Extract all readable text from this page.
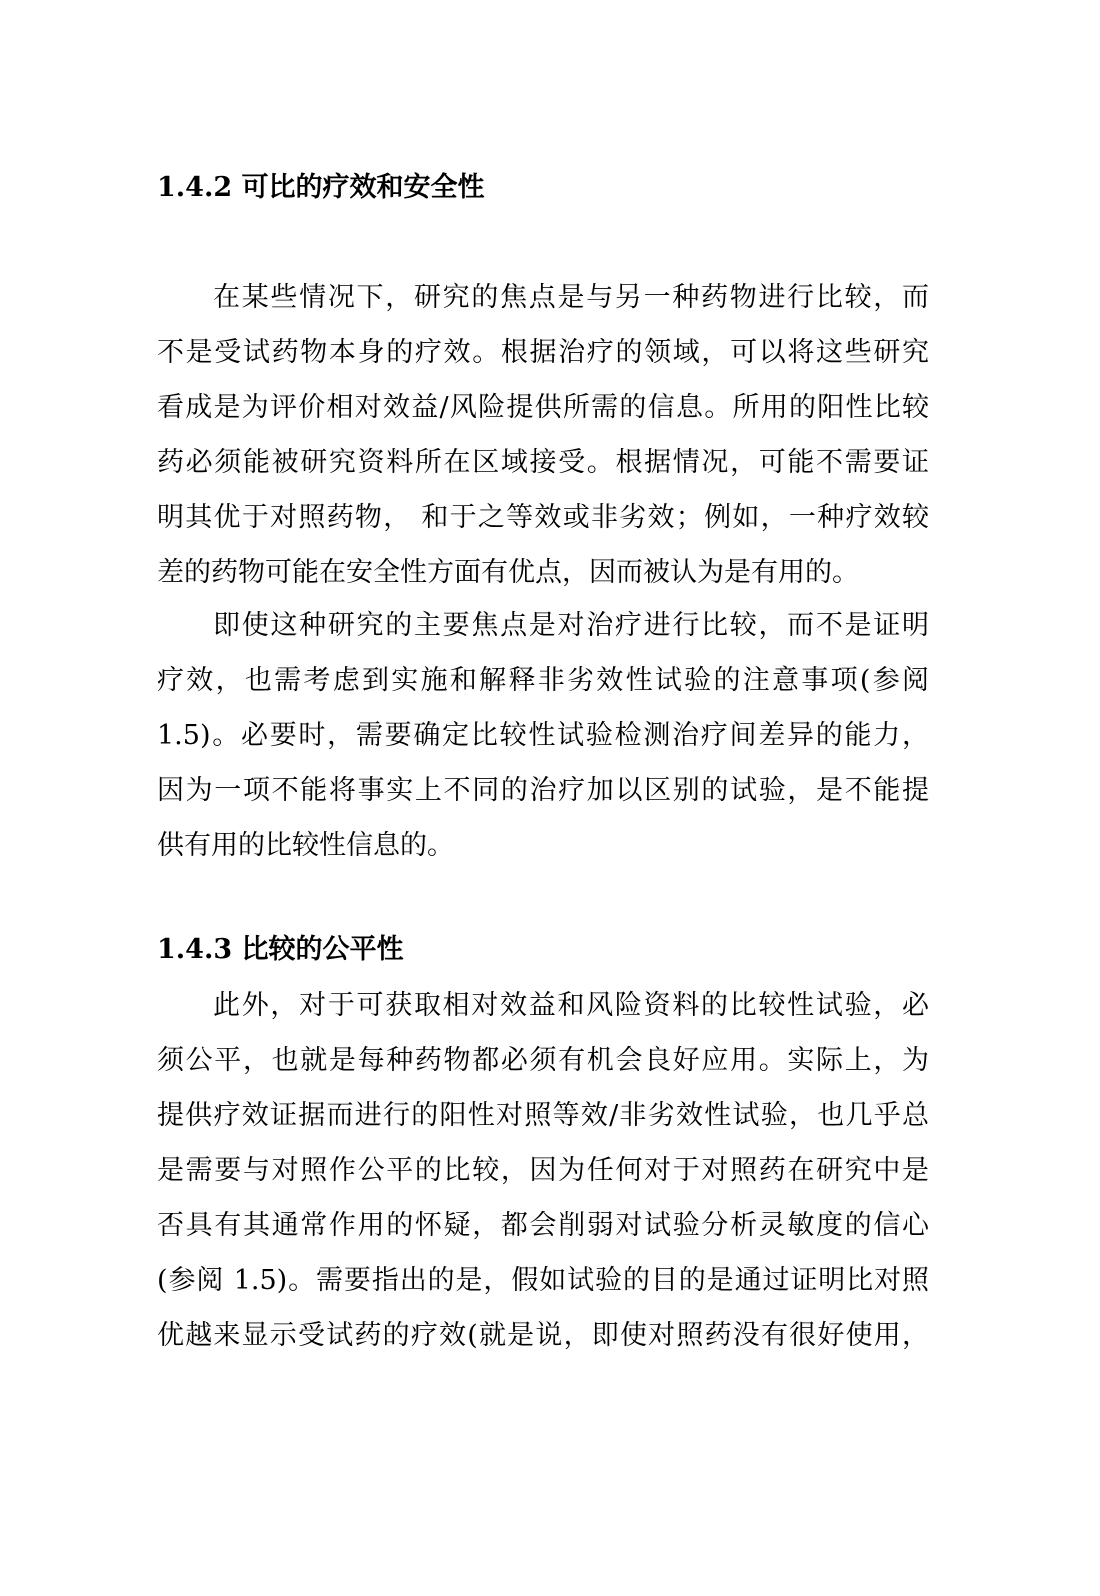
1.4.2 可比的疗效和安全性
在某些情况下，研究的焦点是与另一种药物进行比较，而
不是受试药物本身的疗效。根据治疗的领域，可以将这些研究
看成是为评价相对效益/风险提供所需的信息。所用的阳性比较
药必须能被研究资料所在区域接受。根据情况，可能不需要证
明其优于对照药物， 和于之等效或非劣效；例如，一种疗效较
差的药物可能在安全性方面有优点，因而被认为是有用的。
即使这种研究的主要焦点是对治疗进行比较，而不是证明
疗效，也需考虑到实施和解释非劣效性试验的注意事项(参阅
1.5)。必要时，需要确定比较性试验检测治疗间差异的能力，
因为一项不能将事实上不同的治疗加以区别的试验，是不能提
供有用的比较性信息的。
1.4.3 比较的公平性
此外，对于可获取相对效益和风险资料的比较性试验，必
须公平，也就是每种药物都必须有机会良好应用。实际上，为
提供疗效证据而进行的阳性对照等效/非劣效性试验，也几乎总
是需要与对照作公平的比较，因为任何对于对照药在研究中是
否具有其通常作用的怀疑，都会削弱对试验分析灵敏度的信心
(参阅 1.5)。需要指出的是，假如试验的目的是通过证明比对照
优越来显示受试药的疗效(就是说，即使对照药没有很好使用，
